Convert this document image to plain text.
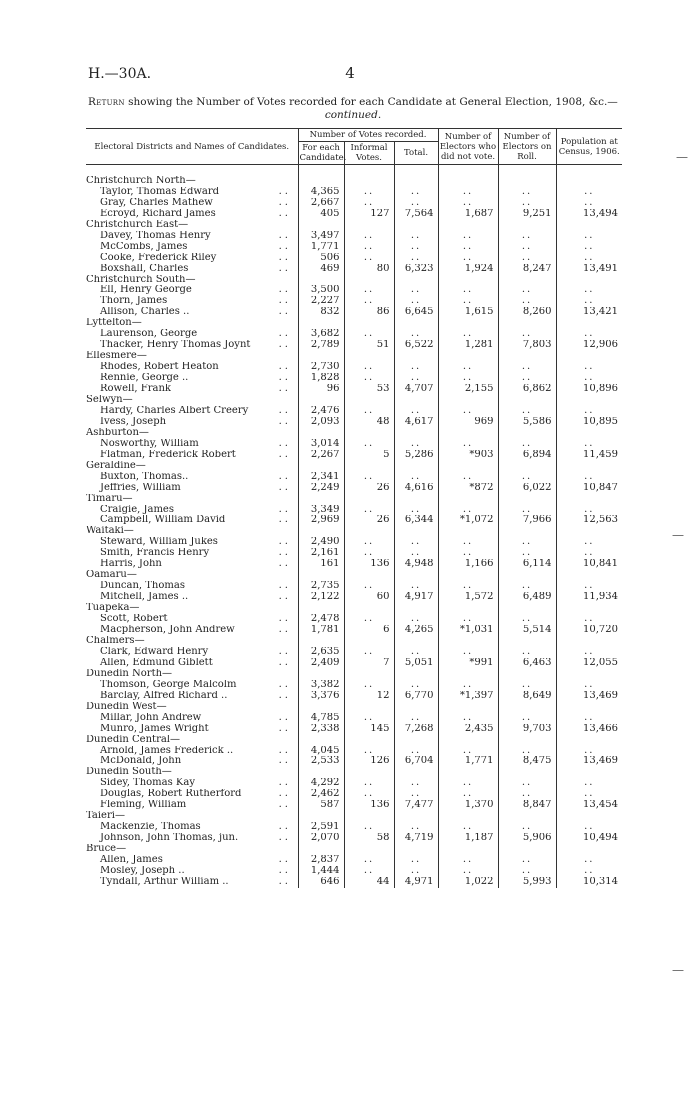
H.—30A.	4
Return showing the Number of Votes recorded for each Candidate at General Election, 1908, &c.—
continued.
Electoral Districts and Names of Candidates.		Number of Votes recorded.			Number of Electors who did not vote.	Number of Electors on Roll.	Population at Census, 1906.
		For each Candidate.	Informal Votes.	Total.			

Christchurch North—							
Taylor, Thomas Edward	..	4,365	..	..	..	..	..
Gray, Charles Mathew	..	2,667	..	..	..	..	..
Ecroyd, Richard James	..	405	127	7,564	1,687	9,251	13,494
Christchurch East—							
Davey, Thomas Henry	..	3,497	..	..	..	..	..
McCombs, James	..	1,771	..	..	..	..	..
Cooke, Frederick Riley	..	506	..	..	..	..	..
Boxshall, Charles	..	469	80	6,323	1,924	8,247	13,491
Christchurch South—							
Ell, Henry George	..	3,500	..	..	..	..	..
Thorn, James	..	2,227	..	..	..	..	..
Allison, Charles ..	..	832	86	6,645	1,615	8,260	13,421
Lyttelton—							
Laurenson, George	..	3,682	..	..	..	..	..
Thacker, Henry Thomas Joynt	..	2,789	51	6,522	1,281	7,803	12,906
Ellesmere—							
Rhodes, Robert Heaton	..	2,730	..	..	..	..	..
Rennie, George ..	..	1,828	..	..	..	..	..
Rowell, Frank	..	96	53	4,707	2,155	6,862	10,896
Selwyn—							
Hardy, Charles Albert Creery	..	2,476	..	..	..	..	..
Ivess, Joseph	..	2,093	48	4,617	969	5,586	10,895
Ashburton—							
Nosworthy, William	..	3,014	..	..	..	..	..
Flatman, Frederick Robert	..	2,267	5	5,286	*903	6,894	11,459
Geraldine—							
Buxton, Thomas..	..	2,341	..	..	..	..	..
Jeffries, William	..	2,249	26	4,616	*872	6,022	10,847
Timaru—							
Craigie, James	..	3,349	..	..	..	..	..
Campbell, William David	..	2,969	26	6,344	*1,072	7,966	12,563
Waitaki—							
Steward, William Jukes	..	2,490	..	..	..	..	..
Smith, Francis Henry	..	2,161	..	..	..	..	..
Harris, John	..	161	136	4,948	1,166	6,114	10,841
Oamaru—							
Duncan, Thomas	..	2,735	..	..	..	..	..
Mitchell, James ..	..	2,122	60	4,917	1,572	6,489	11,934
Tuapeka—							
Scott, Robert	..	2,478	..	..	..	..	..
Macpherson, John Andrew	..	1,781	6	4,265	*1,031	5,514	10,720
Chalmers—							
Clark, Edward Henry	..	2,635	..	..	..	..	..
Allen, Edmund Giblett	..	2,409	7	5,051	*991	6,463	12,055
Dunedin North—							
Thomson, George Malcolm	..	3,382	..	..	..	..	..
Barclay, Alfred Richard ..	..	3,376	12	6,770	*1,397	8,649	13,469
Dunedin West—							
Millar, John Andrew	..	4,785	..	..	..	..	..
Munro, James Wright	..	2,338	145	7,268	2,435	9,703	13,466
Dunedin Central—							
Arnold, James Frederick ..	..	4,045	..	..	..	..	..
McDonald, John	..	2,533	126	6,704	1,771	8,475	13,469
Dunedin South—							
Sidey, Thomas Kay	..	4,292	..	..	..	..	..
Douglas, Robert Rutherford	..	2,462	..	..	..	..	..
Fleming, William	..	587	136	7,477	1,370	8,847	13,454
Taieri—							
Mackenzie, Thomas	..	2,591	..	..	..	..	..
Johnson, John Thomas, jun.	..	2,070	58	4,719	1,187	5,906	10,494
Bruce—							
Allen, James	..	2,837	..	..	..	..	..
Mosley, Joseph ..	..	1,444	..	..	..	..	..
Tyndall, Arthur William ..	..	646	44	4,971	1,022	5,993	10,314
—
—
—
